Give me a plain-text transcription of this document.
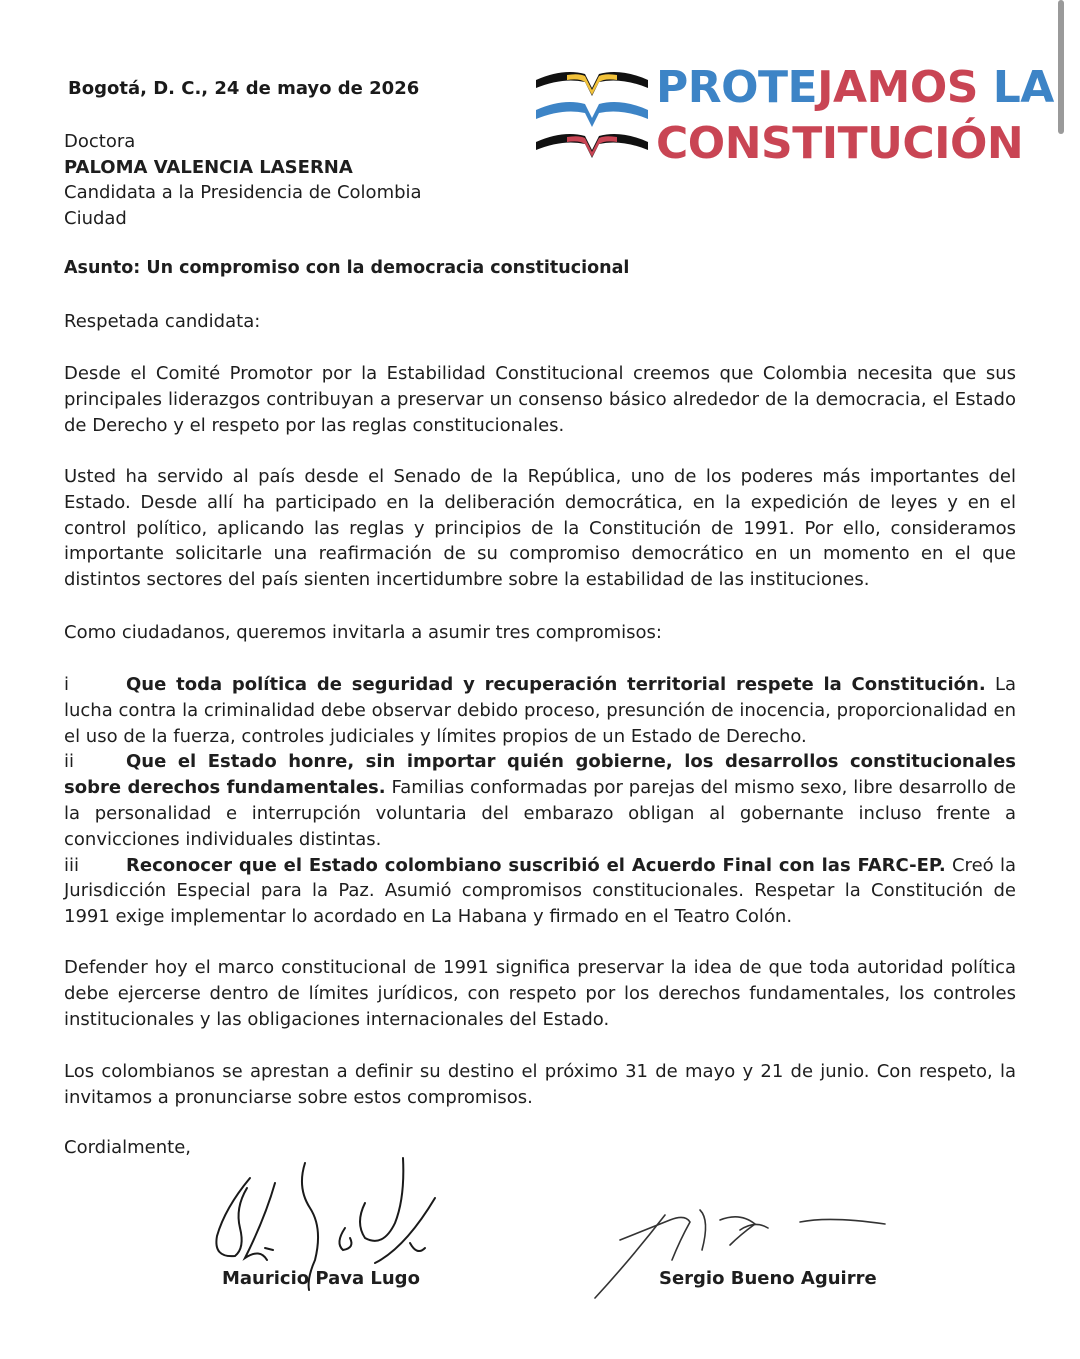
Bogotá, D. C., 24 de mayo de 2026	PROTEJAMOS LA

CONSTITUCIÓN

Doctora
PALOMA VALENCIA LASERNA
Candidata a la Presidencia de Colombia
Ciudad
Asunto: Un compromiso con la democracia constitucional
Respetada candidata:

Desde el Comité Promotor por la Estabilidad Constitucional creemos que Colombia necesita que sus principales liderazgos contribuyan a preservar un consenso básico alrededor de la democracia, el Estado de Derecho y el respeto por las reglas constitucionales.

Usted ha servido al país desde el Senado de la República, uno de los poderes más importantes del Estado. Desde allí ha participado en la deliberación democrática, en la expedición de leyes y en el control político, aplicando las reglas y principios de la Constitución de 1991. Por ello, consideramos importante solicitarle una reafirmación de su compromiso democrático en un momento en el que distintos sectores del país sienten incertidumbre sobre la estabilidad de las instituciones.

Como ciudadanos, queremos invitarla a asumir tres compromisos:

i	Que toda política de seguridad y recuperación territorial respete la Constitución. La lucha contra la criminalidad debe observar debido proceso, presunción de inocencia, proporcionalidad en el uso de la fuerza, controles judiciales y límites propios de un Estado de Derecho.

ii	Que el Estado honre, sin importar quién gobierne, los desarrollos constitucionales sobre derechos fundamentales. Familias conformadas por parejas del mismo sexo, libre desarrollo de la personalidad e interrupción voluntaria del embarazo obligan al gobernante incluso frente a convicciones individuales distintas.

iii	Reconocer que el Estado colombiano suscribió el Acuerdo Final con las FARC-EP. Creó la Jurisdicción Especial para la Paz. Asumió compromisos constitucionales. Respetar la Constitución de 1991 exige implementar lo acordado en La Habana y firmado en el Teatro Colón.

Defender hoy el marco constitucional de 1991 significa preservar la idea de que toda autoridad política debe ejercerse dentro de límites jurídicos, con respeto por los derechos fundamentales, los controles institucionales y las obligaciones internacionales del Estado.

Los colombianos se aprestan a definir su destino el próximo 31 de mayo y 21 de junio. Con respeto, la invitamos a pronunciarse sobre estos compromisos.

Cordialmente,
Mauricio Pava Lugo	Sergio Bueno Aguirre
